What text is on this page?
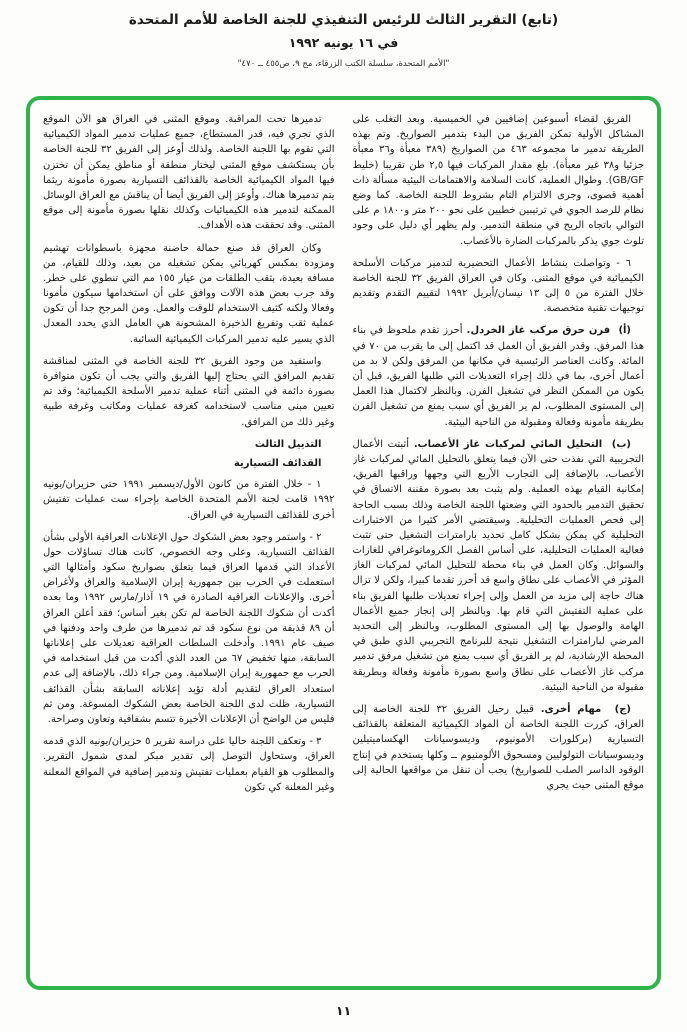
(تابع) التقرير الثالث للرئيس التنفيذي للجنة الخاصة للأمم المتحدة
في ١٦ يونيه ١٩٩٢
"الأمم المتحدة، سلسلة الكتب الزرقاء، مج ٩، ص٤٥٥ ــ ٤٧٠"

الفريق لقضاء أسبوعين إضافيين في الخميسية. وبعد التغلب على المشاكل الأولية تمكن الفريق من البدء بتدمير الصواريخ. وتم بهذه الطريقة تدمير ما مجموعه ٤٦٣ من الصواريخ (٣٨٩ معبأة و٣٦ معبأة جزئيا و٣٨ غير معبأة). بلغ مقدار المركبات فيها ٢,٥ طن تقريبا (خليط GB/GF). وطوال العملية، كانت السلامة والاهتمامات البيئية مسألة ذات أهمية قصوى، وجرى الالتزام التام بشروط اللجنة الخاصة. كما وضع نظام للرصد الجوي في ترتيبين خطيين على نحو ٢٠٠ متر و١٨٠٠ م على التوالي باتجاه الريح في منطقة التدمير. ولم يظهر أي دليل على وجود تلوث جوي يذكر بالمركبات الضارة بالأعصاب.

٦ - وتواصلت بنشاط الأعمال التحضيرية لتدمير مركبات الأسلحة الكيميائية في موقع المثنى. وكان في العراق الفريق ٣٢ للجنة الخاصة خلال الفترة من ٥ إلى ١٣ نيسان/أبريل ١٩٩٢ لتقييم التقدم وتقديم توجيهات تقنية متخصصة.

(أ)  فرن حرق مركب غاز الخردل. أحرز تقدم ملحوظ في بناء هذا المرفق. وقدر الفريق أن العمل قد اكتمل إلى ما يقرب من ٧٠ في المائة. وكانت العناصر الرئيسية في مكانها من المرفق ولكن لا بد من أعمال أخرى، بما في ذلك إجراء التعديلات التي طلبها الفريق، قبل أن يكون من الممكن النظر في تشغيل الفرن. وبالنظر لاكتمال هذا العمل إلى المستوى المطلوب، لم ير الفريق أي سبب يمنع من تشغيل الفرن بطريقة مأمونة وفعالة ومقبولة من الناحية البيئية.

(ب)  التحليل المائي لمركبات غاز الأعصاب. أثبتت الأعمال التجريبية التي نفذت حتى الآن فيما يتعلق بالتحليل المائي لمركبات غاز الأعصاب، بالإضافة إلى التجارب الأربع التي وجهها وراقبها الفريق، إمكانية القيام بهذه العملية. ولم يثبت بعد بصورة مقننة الاتساق في تحقيق التدمير بالحدود التي وضعتها اللجنة الخاصة وذلك بسبب الحاجة إلى فحص العمليات التحليلية. وسيقتضي الأمر كثيرا من الاختبارات التحليلية كي يمكن بشكل كامل تحديد بارامترات التشغيل حتى تثبت فعالية العمليات التحليلية، على أساس الفصل الكروماتوغرافي للغازات والسوائل. وكان العمل في بناء محطة للتحليل المائي لمركبات الغاز المؤثر في الأعصاب على نطاق واسع قد أحرز تقدما كبيرا، ولكن لا تزال هناك حاجة إلى مزيد من العمل وإلى إجراء تعديلات طلبها الفريق بناء على عملية التفتيش التي قام بها. وبالنظر إلى إنجاز جميع الأعمال الهامة والوصول بها إلى المستوى المطلوب، وبالنظر إلى التحديد المرضي لبارامترات التشغيل نتيجة للبرنامج التجريبي الذي طبق في المحطة الإرشادية، لم ير الفريق أي سبب يمنع من تشغيل مرفق تدمير مركب غاز الأعصاب على نطاق واسع بصورة مأمونة وفعالة وبطريقة مقبولة من الناحية البيئية.

(ج)  مهام أخرى. قبيل رحيل الفريق ٣٢ للجنة الخاصة إلى العراق، كررت اللجنة الخاصة أن المواد الكيميائية المتعلقة بالقذائف التسيارية (بركلورات الأمونيوم، وديسوسيانات الهكساميتيلين وديسوسيانات التولوليين ومسحوق الألومنيوم ــ وكلها يستخدم في إنتاج الوقود الداسر الصلب للصواريخ) يجب أن تنقل من مواقعها الحالية إلى موقع المثنى حيث يجري

تدميرها تحت المراقبة. وموقع المثنى في العراق هو الآن الموقع الذي تجري فيه، قدر المستطاع، جميع عمليات تدمير المواد الكيميائية التي تقوم بها اللجنة الخاصة. ولذلك أوعز إلى الفريق ٣٢ للجنة الخاصة بأن يستكشف موقع المثنى ليختار منطقة أو مناطق يمكن أن تختزن فيها المواد الكيميائية الخاصة بالقذائف التسيارية بصورة مأمونة ريثما يتم تدميرها هناك. وأوعز إلى الفريق أيضا أن يناقش مع العراق الوسائل الممكنة لتدمير هذه الكيميائيات وكذلك نقلها بصورة مأمونة إلى موقع المثنى. وقد تحققت هذه الأهداف.

وكان العراق قد صنع حمالة حاضنة مجهزة باسطوانات تهشيم ومزودة بمكبس كهربائي يمكن تشغيله من بعيد، وذلك للقيام، من مسافة بعيدة، بثقب الطلقات من عيار ١٥٥ مم التي تنطوي على خطر. وقد جرب بعض هذه الآلات ووافق على أن استخدامها سيكون مأمونا وفعالا ولكنه كثيف الاستخدام للوقت والعمل. ومن المرجح جدا أن تكون عملية ثقب وتفريغ الذخيرة المشحونة هي العامل الذي يحدد المعدل الذي يسير عليه تدمير المركبات الكيميائية السائبة.

واستفيد من وجود الفريق ٣٢ للجنة الخاصة في المثنى لمناقشة تقديم المرافق التي يحتاج إليها الفريق والتي يجب أن تكون متوافرة بصورة دائمة في المثنى أثناء عملية تدمير الأسلحة الكيميائية؛ وقد تم تعيين مبنى مناسب لاستخدامه كغرفة عمليات ومكاتب وغرفة طبية وغير ذلك من المرافق.

التذييل الثالث

القذائف التسيارية

١ - خلال الفترة من كانون الأول/ديسمبر ١٩٩١ حتى حزيران/يونيه ١٩٩٢ قامت لجنة الأمم المتحدة الخاصة بإجراء ست عمليات تفتيش أخرى للقذائف التسيارية في العراق.

٢ - واستمر وجود بعض الشكوك حول الإعلانات العراقية الأولى بشأن القذائف التسيارية. وعلى وجه الخصوص، كانت هناك تساؤلات حول الأعداد التي قدمها العراق فيما يتعلق بصواريخ سكود وأمثالها التي استعملت في الحرب بين جمهورية إيران الإسلامية والعراق ولأغراض أخرى. والإعلانات العراقية الصادرة في ١٩ آذار/مارس ١٩٩٢ وما بعده أكدت أن شكوك اللجنة الخاصة لم تكن بغير أساس؛ فقد أعلن العراق أن ٨٩ قذيفة من نوع سكود قد تم تدميرها من طرف واحد ودفنها في صيف عام ١٩٩١. وأدخلت السلطات العراقية تعديلات على إعلاناتها السابقة، منها تخفيض ٦٧ من العدد الذي أكدت من قبل استخدامه في الحرب مع جمهورية إيران الإسلامية. ومن جراء ذلك، بالإضافة إلى عدم استعداد العراق لتقديم أدلة تؤيد إعلاناته السابقة بشأن القذائف التسيارية، ظلت لدى اللجنة الخاصة بعض الشكوك المسوغة. ومن ثم فليس من الواضح أن الإعلانات الأخيرة تتسم بشفافية وتعاون وصراحة.

٣ - وتعكف اللجنة حاليا على دراسة تقرير ٥ حزيران/يونيه الذي قدمه العراق، وستحاول التوصل إلى تقدير مبكر لمدى شمول التقرير. والمطلوب هو القيام بعمليات تفتيش وتدمير إضافية في المواقع المعلنة وغير المعلنة كي تكون

١١
